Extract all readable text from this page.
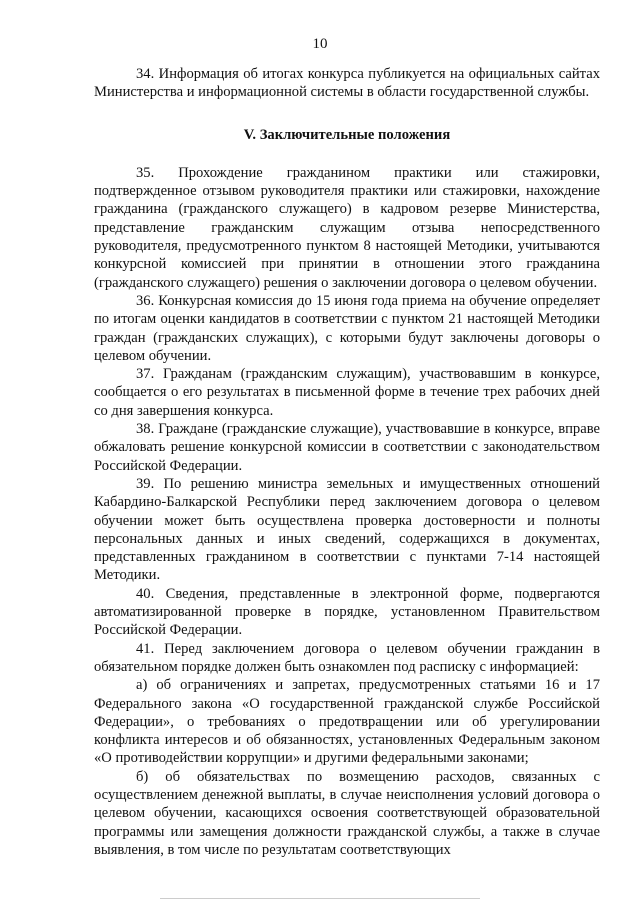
10

34. Информация об итогах конкурса публикуется на официальных сайтах Министерства и информационной системы в области государственной службы.

V. Заключительные положения

35. Прохождение гражданином практики или стажировки, подтвержденное отзывом руководителя практики или стажировки, нахождение гражданина (гражданского служащего) в кадровом резерве Министерства, представление гражданским служащим отзыва непосредственного руководителя, предусмотренного пунктом 8 настоящей Методики, учитываются конкурсной комиссией при принятии в отношении этого гражданина (гражданского служащего) решения о заключении договора о целевом обучении.

36. Конкурсная комиссия до 15 июня года приема на обучение определяет по итогам оценки кандидатов в соответствии с пунктом 21 настоящей Методики граждан (гражданских служащих), с которыми будут заключены договоры о целевом обучении.

37. Гражданам (гражданским служащим), участвовавшим в конкурсе, сообщается о его результатах в письменной форме в течение трех рабочих дней со дня завершения конкурса.

38. Граждане (гражданские служащие), участвовавшие в конкурсе, вправе обжаловать решение конкурсной комиссии в соответствии с законодательством Российской Федерации.

39. По решению министра земельных и имущественных отношений Кабардино-Балкарской Республики перед заключением договора о целевом обучении может быть осуществлена проверка достоверности и полноты персональных данных и иных сведений, содержащихся в документах, представленных гражданином в соответствии с пунктами 7-14 настоящей Методики.

40. Сведения, представленные в электронной форме, подвергаются автоматизированной проверке в порядке, установленном Правительством Российской Федерации.

41. Перед заключением договора о целевом обучении гражданин в обязательном порядке должен быть ознакомлен под расписку с информацией:

а) об ограничениях и запретах, предусмотренных статьями 16 и 17 Федерального закона «О государственной гражданской службе Российской Федерации», о требованиях о предотвращении или об урегулировании конфликта интересов и об обязанностях, установленных Федеральным законом «О противодействии коррупции» и другими федеральными законами;

б) об обязательствах по возмещению расходов, связанных с осуществлением денежной выплаты, в случае неисполнения условий договора о целевом обучении, касающихся освоения соответствующей образовательной программы или замещения должности гражданской службы, а также в случае выявления, в том числе по результатам соответствующих
